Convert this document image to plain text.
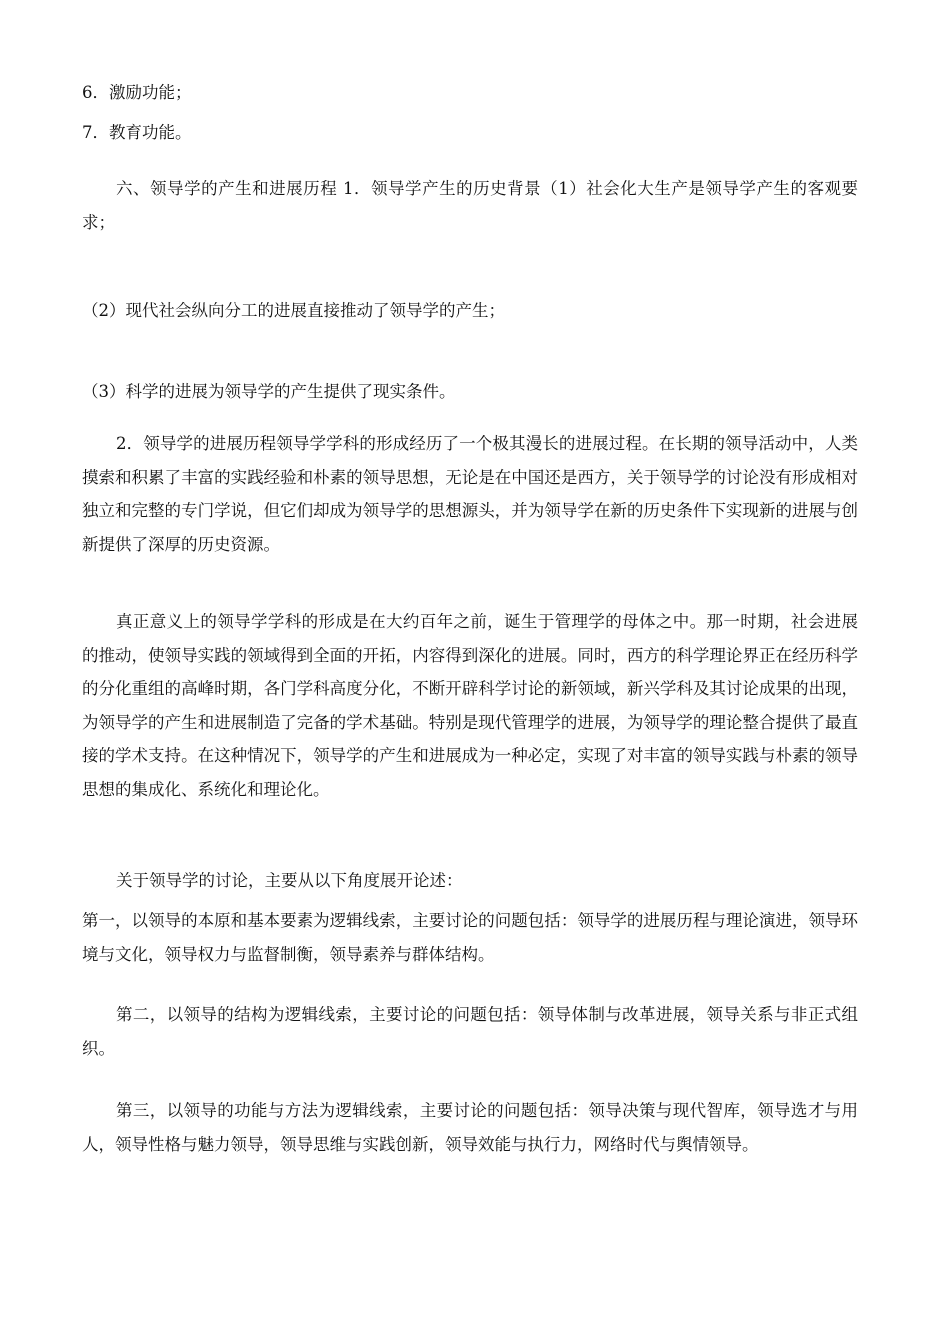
6．激励功能；
7．教育功能。
六、领导学的产生和进展历程 1．领导学产生的历史背景（1）社会化大生产是领导学产生的客观要求；
（2）现代社会纵向分工的进展直接推动了领导学的产生；
（3）科学的进展为领导学的产生提供了现实条件。
2．领导学的进展历程领导学学科的形成经历了一个极其漫长的进展过程。在长期的领导活动中，人类摸索和积累了丰富的实践经验和朴素的领导思想，无论是在中国还是西方，关于领导学的讨论没有形成相对独立和完整的专门学说，但它们却成为领导学的思想源头，并为领导学在新的历史条件下实现新的进展与创新提供了深厚的历史资源。
真正意义上的领导学学科的形成是在大约百年之前，诞生于管理学的母体之中。那一时期，社会进展的推动，使领导实践的领域得到全面的开拓，内容得到深化的进展。同时，西方的科学理论界正在经历科学的分化重组的高峰时期，各门学科高度分化，不断开辟科学讨论的新领域，新兴学科及其讨论成果的出现，为领导学的产生和进展制造了完备的学术基础。特别是现代管理学的进展，为领导学的理论整合提供了最直接的学术支持。在这种情况下，领导学的产生和进展成为一种必定，实现了对丰富的领导实践与朴素的领导思想的集成化、系统化和理论化。
关于领导学的讨论，主要从以下角度展开论述：
第一，以领导的本原和基本要素为逻辑线索，主要讨论的问题包括：领导学的进展历程与理论演进，领导环境与文化，领导权力与监督制衡，领导素养与群体结构。
第二，以领导的结构为逻辑线索，主要讨论的问题包括：领导体制与改革进展，领导关系与非正式组织。
第三，以领导的功能与方法为逻辑线索，主要讨论的问题包括：领导决策与现代智库，领导选才与用人，领导性格与魅力领导，领导思维与实践创新，领导效能与执行力，网络时代与舆情领导。
